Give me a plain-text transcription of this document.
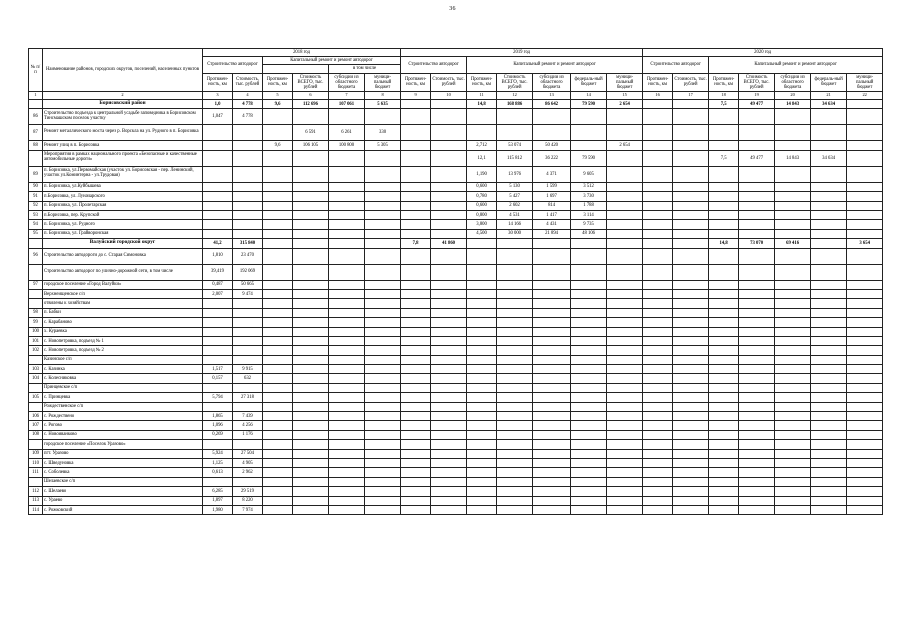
36
№ п/п	Наименование районов, городских округов, поселений, населенных пунктов	2018 год						2019 год							2020 год						
		Строительство автодорог		Капитальный ремонт и ремонт автодорог				Строительство автодорог		Капитальный ремонт и ремонт автодорог					Строительство автодорог		Капитальный ремонт и ремонт автодорог				
						в том числе															
		Протяжен-ность, км	Стоимость, тыс. рублей	Протяжен-ность, км	Стоимость ВСЕГО, тыс. рублей	субсидии из областного бюджета	муници-пальный бюджет	Протяжен-ность, км	Стоимость, тыс. рублей	Протяжен-ность, км	Стоимость ВСЕГО, тыс. рублей	субсидии из областного бюджета	федераль-ный бюджет	муници-пальный бюджет	Протяжен-ность, км	Стоимость, тыс. рублей	Протяжен-ность, км	Стоимость ВСЕГО, тыс. рублей	субсидии из областного бюджета	федераль-ный бюджет	муници-пальный бюджет
1	2	3	4	5	6	7	8	9	10	11	12	13	14	15	16	17	18	19	20	21	22
	Борисовский район	1,0	4 778	9,6	112 696	107 061	5 635			14,8	168 886	86 642	79 590	2 654			7,5	49 477	14 843	34 634	
86	Строительство подъезда к центральной усадьбе заповедника в Борисовском Тинсмашском поселок участку	1,047	4 778																		
87	Ремонт металлического моста через р. Ворскла на ул. Рудного в п. Борисовка				6 591	6 261	330														
88	Ремонт улиц в п. Борисовка			9,6	106 105	100 800	5 305			2,712	53 074	50 420		2 654							
	Мероприятия в рамках национального проекта «Безопасные и качественные автомобильные дороги»									12,1	115 812	36 222	79 590				7,5	49 477	14 843	34 634	
89	п. Борисовка, ул.Первомайская (участок ул. Борисовская - пер. Ленинский, участок ул.Коминтерна - ул.Трудовая)									1,190	13 976	4 371	9 605								
90	п. Борисовка, ул.Куйбышева									0,600	5 130	1 599	3 512								
91	п.Борисовка, ул. Луначарского									0,780	5 427	1 697	3 730								
92	п. Борисовка, ул. Пролетарская									0,600	2 602	814	1 788								
93	п.Борисовка, пер. Крупской									0,800	4 531	1 417	3 114								
94	п. Борисовка, ул. Рудного									3,800	14 166	4 431	9 735								
95	п. Борисовка, ул. Грайворонская									4,500	30 000	21 894	48 106								
	Валуйский городской округ	41,2	315 840					7,8	41 860								14,8	73 070	69 416		3 654
96	Строительство автодороги до с. Старая Симоновка	1,810	23 470																		
	Строительство автодорог по улично-дорожной сети, в том числе	39,419	192 069																		
97	городское поселение «Город Валуйки»	0,487	50 665																		
	Верхнеищенское с/п	2,007	9 474																		
	отвилены к хозяйствам																				
98	п. Бабки																				
99	с. Карабаново																				
100	х. Кураевка																				
101	с. Новопетровка, подъезд № 1																				
102	с. Новопетровка, подъезд № 2																				
	Казинское с/п																				
103	с. Казинка	1,517	9 915																		
104	с. Колесниковка	0,157	632																		
	Принцевское с/п																				
105	с. Принцевка	5,794	27 318																		
	Рождественское с/п																				
106	с. Рождествено	1,865	7 439																		
107	с. Рогово	1,096	4 256																		
108	с. Новоиванково	0,269	1 176																		
	городское поселение «Поселок Уразово»																				
109	пгт. Уразово	5,924	27 504																		
110	с. Шведуновка	1,125	4 905																		
111	с. Соболевка	0,613	2 962																		
	Шелаевское с/п																				
112	с. Шелаево	6,285	29 519																		
113	с. Ураево	1,897	8 220																		
114	с. Рожковский	1,980	7 974																		
